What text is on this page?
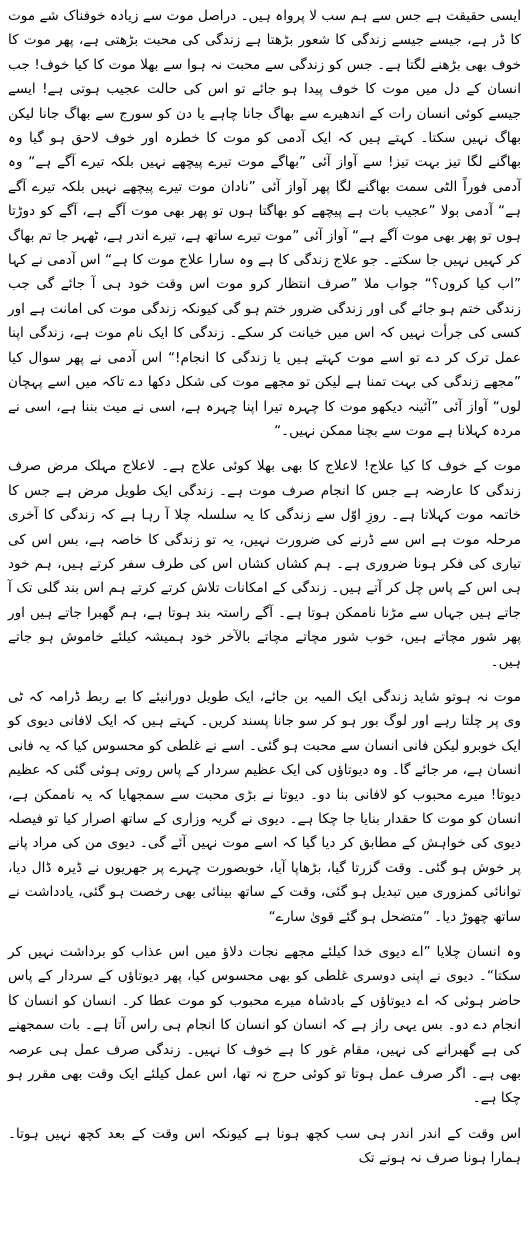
ایسی حقیقت ہے جس سے ہم سب لا پرواہ ہیں۔ دراصل موت سے زیادہ خوفناک شے موت کا ڈر ہے، جیسے جیسے زندگی کا شعور بڑھتا ہے زندگی کی محبت بڑھتی ہے، پھر موت کا خوف بھی بڑھنے لگتا ہے۔ جس کو زندگی سے محبت نہ ہوا سے بھلا موت کا کیا خوف! جب انسان کے دل میں موت کا خوف پیدا ہو جائے تو اس کی حالت عجیب ہوتی ہے! ایسے جیسے کوئی انسان رات کے اندھیرے سے بھاگ جانا چاہے یا دن کو سورج سے بھاگ جانا لیکن بھاگ نہیں سکتا۔ کہتے ہیں کہ ایک آدمی کو موت کا خطرہ اور خوف لاحق ہو گیا وہ بھاگنے لگا تیز بہت تیز! سے آواز آئی ”بھاگے موت تیرے پیچھے نہیں بلکہ تیرے آگے ہے“ وہ آدمی فوراً الٹی سمت بھاگنے لگا پھر آواز آئی ”نادان موت تیرے پیچھے نہیں بلکہ تیرے آگے ہے“ آدمی بولا ”عجیب بات ہے پیچھے کو بھاگتا ہوں تو پھر بھی موت آگے ہے، آگے کو دوڑتا ہوں تو پھر بھی موت آگے ہے“ آواز آئی ”موت تیرے ساتھ ہے، تیرے اندر ہے، ٹھہر جا تم بھاگ کر کہیں نہیں جا سکتے۔ جو علاج زندگی کا ہے وہ سارا علاج موت کا ہے“ اس آدمی نے کہا ”اب کیا کروں؟“ جواب ملا ”صرف انتظار کرو موت اس وقت خود ہی آ جائے گی جب زندگی ختم ہو جائے گی اور زندگی ضرور ختم ہو گی کیونکہ زندگی موت کی امانت ہے اور کسی کی جرأت نہیں کہ اس میں خیانت کر سکے۔ زندگی کا ایک نام موت ہے، زندگی اپنا عمل ترک کر دے تو اسے موت کہتے ہیں یا زندگی کا انجام!“ اس آدمی نے پھر سوال کیا ”مجھے زندگی کی بہت تمنا ہے لیکن تو مجھے موت کی شکل دکھا دے تاکہ میں اسے پہچان لوں“ آواز آئی ”آئینہ دیکھو موت کا چہرہ تیرا اپنا چہرہ ہے، اسی نے میت بننا ہے، اسی نے مردہ کہلانا ہے موت سے بچنا ممکن نہیں۔“

موت کے خوف کا کیا علاج! لاعلاج کا بھی بھلا کوئی علاج ہے۔ لاعلاج مہلک مرض صرف زندگی کا عارضہ ہے جس کا انجام صرف موت ہے۔ زندگی ایک طویل مرض ہے جس کا خاتمہ موت کہلاتا ہے۔ روزِ اوّل سے زندگی کا یہ سلسلہ چلا آ رہا ہے کہ زندگی کا آخری مرحلہ موت ہے اس سے ڈرنے کی ضرورت نہیں، یہ تو زندگی کا خاصہ ہے، بس اس کی تیاری کی فکر ہونا ضروری ہے۔ ہم کشاں کشاں اس کی طرف سفر کرتے ہیں، ہم خود ہی اس کے پاس چل کر آتے ہیں۔ زندگی کے امکانات تلاش کرتے کرتے ہم اس بند گلی تک آ جاتے ہیں جہاں سے مڑنا ناممکن ہوتا ہے۔ آگے راستہ بند ہوتا ہے، ہم گھبرا جاتے ہیں اور پھر شور مچاتے ہیں، خوب شور مچاتے مچاتے بالآخر خود ہمیشہ کیلئے خاموش ہو جاتے ہیں۔

موت نہ ہوتو شاید زندگی ایک المیہ بن جائے، ایک طویل دورانیئے کا بے ربط ڈرامہ کہ ٹی وی پر چلتا رہے اور لوگ بور ہو کر سو جانا پسند کریں۔ کہتے ہیں کہ ایک لافانی دیوی کو ایک خوبرو لیکن فانی انسان سے محبت ہو گئی۔ اسے نے غلطی کو محسوس کیا کہ یہ فانی انسان ہے، مر جائے گا۔ وہ دیوتاؤں کی ایک عظیم سردار کے پاس روتی ہوئی گئی کہ عظیم دیوتا! میرے محبوب کو لافانی بنا دو۔ دیوتا نے بڑی محبت سے سمجھایا کہ یہ ناممکن ہے، انسان کو موت کا حقدار بنایا جا چکا ہے۔ دیوی نے گریہ وزاری کے ساتھ اصرار کیا تو فیصلہ دیوی کی خواہش کے مطابق کر دیا گیا کہ اسے موت نہیں آئے گی۔ دیوی من کی مراد پانے پر خوش ہو گئی۔ وقت گزرتا گیا، بڑھاپا آیا، خوبصورت چہرے پر جھریوں نے ڈیرہ ڈال دیا، توانائی کمزوری میں تبدیل ہو گئی، وقت کے ساتھ بینائی بھی رخصت ہو گئی، یادداشت نے ساتھ چھوڑ دیا۔ ”متضحل ہو گئے قویٰ سارے“

وہ انسان چلایا ”اے دیوی خدا کیلئے مجھے نجات دلاؤ میں اس عذاب کو برداشت نہیں کر سکتا“۔ دیوی نے اپنی دوسری غلطی کو بھی محسوس کیا، پھر دیوتاؤں کے سردار کے پاس حاضر ہوئی کہ اے دیوتاؤں کے بادشاہ میرے محبوب کو موت عطا کر۔ انسان کو انسان کا انجام دے دو۔ بس یہی راز ہے کہ انسان کو انسان کا انجام ہی راس آتا ہے۔ بات سمجھنے کی ہے گھبرانے کی نہیں، مقام غور کا ہے خوف کا نہیں۔ زندگی صرف عمل ہی عرصہ بھی ہے۔ اگر صرف عمل ہوتا تو کوئی حرج نہ تھا، اس عمل کیلئے ایک وقت بھی مقرر ہو چکا ہے۔

اس وقت کے اندر اندر ہی سب کچھ ہونا ہے کیونکہ اس وقت کے بعد کچھ نہیں ہوتا۔ ہمارا ہونا صرف نہ ہونے تک
